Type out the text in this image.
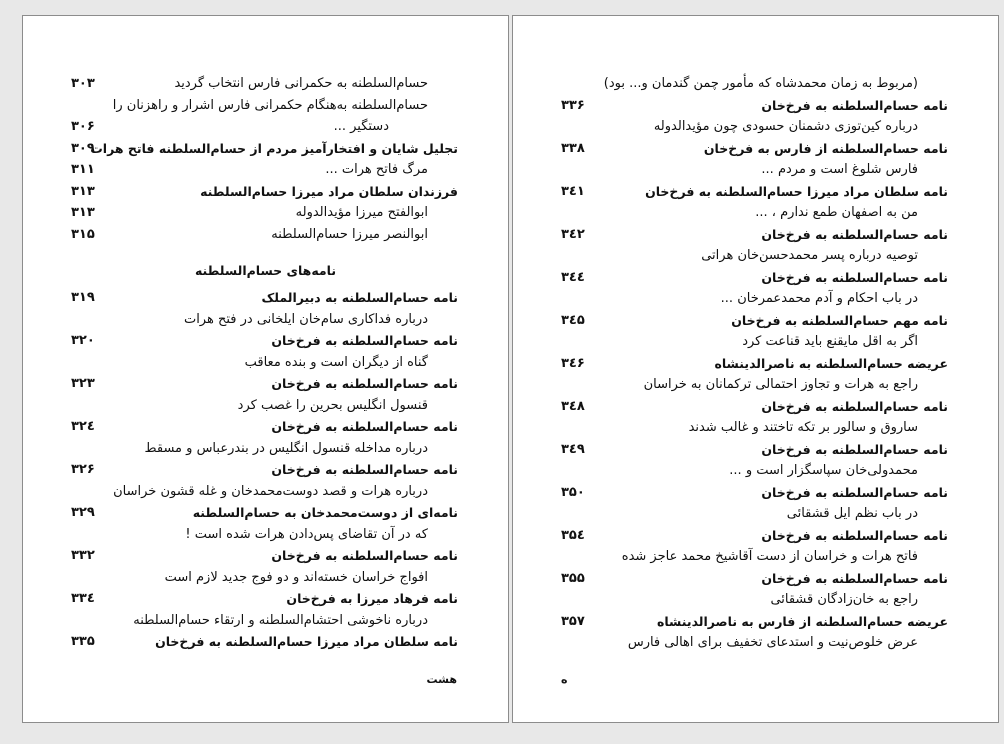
حسام‌السلطنه به حکمرانی فارس انتخاب گردید
۳۰۳
حسام‌السلطنه به‌هنگام حکمرانی فارس اشرار و راهزنان را
دستگیر ...
۳۰۶
تجلیل شایان و افتخارآمیز مردم از حسام‌السلطنه فاتح هرات
۳۰۹
مرگ فاتح هرات ...
۳۱۱
فرزندان سلطان مراد میرزا حسام‌السلطنه
۳۱۳
ابوالفتح میرزا مؤیدالدوله
۳۱۳
ابوالنصر میرزا حسام‌السلطنه
۳۱۵
نامه‌های حسام‌السلطنه
نامه حسام‌السلطنه به دبیرالملک
۳۱۹
درباره فداکاری سام‌خان ایلخانی در فتح هرات
نامه حسام‌السلطنه به فرخ‌خان
۳۲۰
گناه از دیگران است و بنده معاقب
نامه حسام‌السلطنه به فرخ‌خان
۳۲۳
قنسول انگلیس بحرین را غصب کرد
نامه حسام‌السلطنه به فرخ‌خان
۳۲٤
درباره مداخله قنسول انگلیس در بندرعباس و مسقط
نامه حسام‌السلطنه به فرخ‌خان
۳۲۶
درباره هرات و قصد دوست‌محمدخان و غله قشون خراسان
نامه‌ای از دوست‌محمدخان به حسام‌السلطنه
۳۲۹
که در آن تقاضای پس‌دادن هرات شده است !
نامه حسام‌السلطنه به فرخ‌خان
۳۳۲
افواج خراسان خسته‌اند و دو فوج جدید لازم است
نامه فرهاد میرزا به فرخ‌خان
۳۳٤
درباره ناخوشی احتشام‌السلطنه و ارتقاء حسام‌السلطنه
نامه سلطان مراد میرزا حسام‌السلطنه به فرخ‌خان
۳۳۵
هشت
(مربوط به زمان محمدشاه که مأمور چمن گندمان و... بود)
نامه حسام‌السلطنه به فرخ‌خان
۳۳۶
درباره کین‌توزی دشمنان حسودی چون مؤیدالدوله
نامه حسام‌السلطنه از فارس به فرخ‌خان
۳۳۸
فارس شلوغ است و مردم ...
نامه سلطان مراد میرزا حسام‌السلطنه به فرخ‌خان
۳٤۱
من به اصفهان طمع ندارم ، ...
نامه حسام‌السلطنه به فرخ‌خان
۳٤۲
توصیه درباره پسر محمدحسن‌خان هراتی
نامه حسام‌السلطنه به فرخ‌خان
۳٤٤
در باب احکام و آدم محمدعمرخان ...
نامه مهم حسام‌السلطنه به فرخ‌خان
۳٤۵
اگر به اقل مایقنع باید قناعت کرد
عریضه حسام‌السلطنه به ناصرالدینشاه
۳٤۶
راجع به هرات و تجاوز احتمالی ترکمانان به خراسان
نامه حسام‌السلطنه به فرخ‌خان
۳٤۸
ساروق و سالور بر تکه تاختند و غالب شدند
نامه حسام‌السلطنه به فرخ‌خان
۳٤۹
محمدولی‌خان سپاسگزار است و ...
نامه حسام‌السلطنه به فرخ‌خان
۳۵۰
در باب نظم ایل قشقائی
نامه حسام‌السلطنه به فرخ‌خان
۳۵٤
فاتح هرات و خراسان از دست آقاشیخ محمد عاجز شده
نامه حسام‌السلطنه به فرخ‌خان
۳۵۵
راجع به خان‌زادگان قشقائی
عریضه حسام‌السلطنه از فارس به ناصرالدینشاه
۳۵۷
عرض خلوص‌نیت و استدعای تخفیف برای اهالی فارس
ه
